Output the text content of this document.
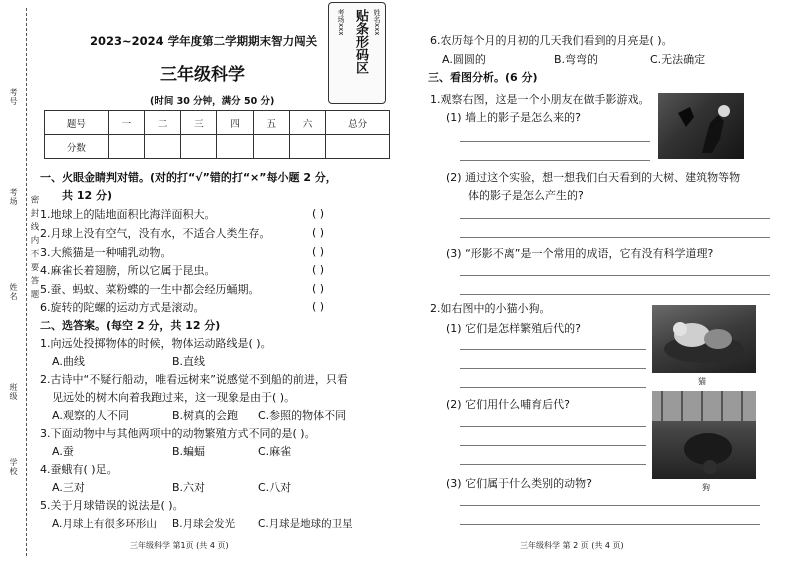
班级
姓名
考场
考号
学校
密封线内不要答题
2023~2024 学年度第二学期期末智力闯关
三年级科学
(时间 30 分钟，满分 50 分)
考场xxx 贴条形码区 姓名xxx
题号	一	二	三	四	五	六	总分
分数							
一、火眼金睛判对错。(对的打“√”错的打“×”每小题 2 分，
共 12 分)
1.地球上的陆地面积比海洋面积大。	( )
2.月球上没有空气，没有水，不适合人类生存。	( )
3.大熊猫是一种哺乳动物。	( )
4.麻雀长着翅膀，所以它属于昆虫。	( )
5.蚕、蚂蚁、菜粉蝶的一生中都会经历蛹期。	( )
6.旋转的陀螺的运动方式是滚动。	( )
二、选答案。(每空 2 分，共 12 分)
1.向远处投掷物体的时候，物体运动路线是( )。
A.曲线	B.直线
2.古诗中“不疑行船动，唯看远树来”说感觉不到船的前进，只看
见远处的树木向着我跑过来，这一现象是由于( )。
A.观察的人不同	B.树真的会跑 C.参照的物体不同
3.下面动物中与其他两项中的动物繁殖方式不同的是( )。
A.蚕	B.蝙蝠	C.麻雀
4.蚕蛾有( )足。
A.三对	B.六对	C.八对
5.关于月球错误的说法是( )。
A.月球上有很多环形山 B.月球会发光 C.月球是地球的卫星
三年级科学 第1页 (共 4 页)
6.农历每个月的月初的几天我们看到的月亮是( )。
A.圆圆的	B.弯弯的	C.无法确定
三、看图分析。(6 分)
1.观察右图，这是一个小朋友在做手影游戏。
(1) 墙上的影子是怎么来的?
(2) 通过这个实验，想一想我们白天看到的大树、建筑物等物
体的影子是怎么产生的?
(3) “形影不离”是一个常用的成语，它有没有科学道理?
2.如右图中的小猫小狗。
猫
(1) 它们是怎样繁殖后代的?
狗
(2) 它们用什么哺育后代?
(3) 它们属于什么类别的动物?
三年级科学 第 2 页 (共 4 页)
